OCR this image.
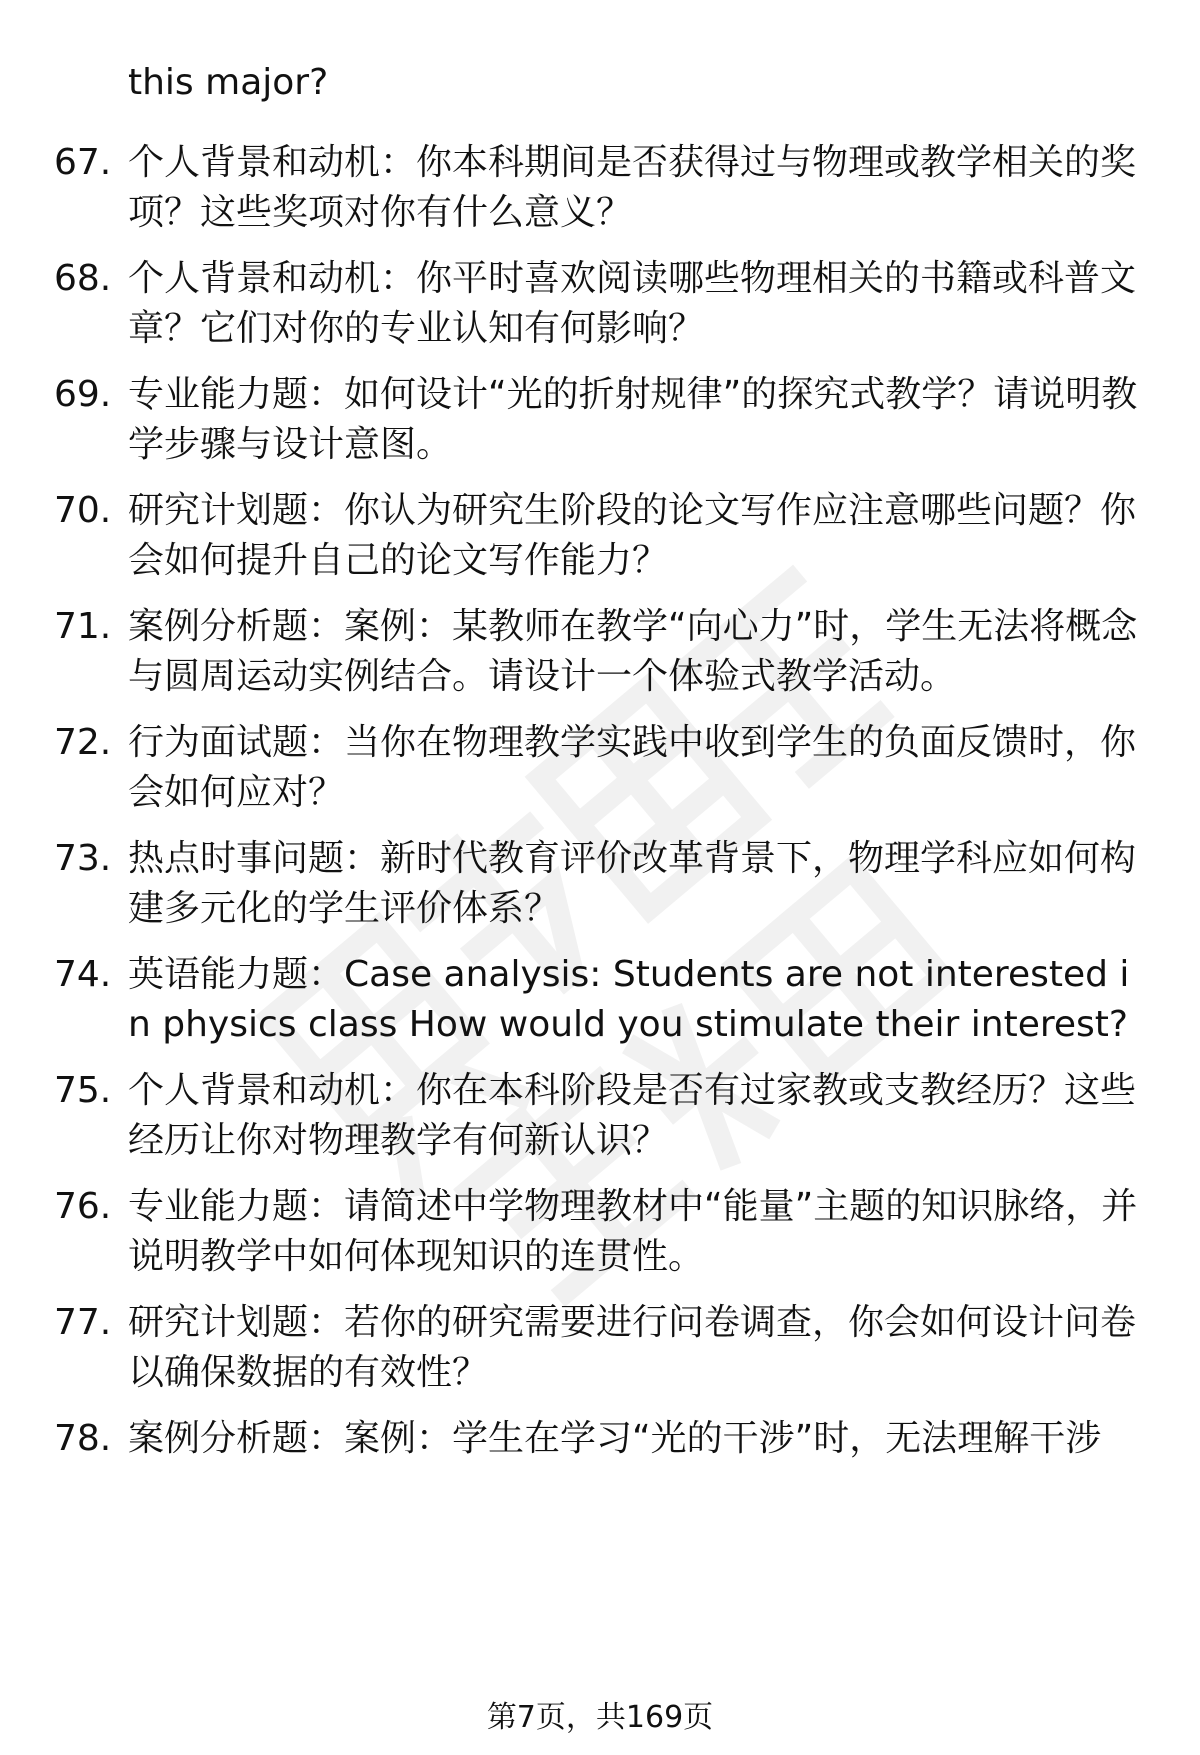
this major?
67. 个人背景和动机：你本科期间是否获得过与物理或教学相关的奖项？这些奖项对你有什么意义？
68. 个人背景和动机：你平时喜欢阅读哪些物理相关的书籍或科普文章？它们对你的专业认知有何影响？
69. 专业能力题：如何设计“光的折射规律”的探究式教学？请说明教学步骤与设计意图。
70. 研究计划题：你认为研究生阶段的论文写作应注意哪些问题？你会如何提升自己的论文写作能力？
71. 案例分析题：案例：某教师在教学“向心力”时，学生无法将概念与圆周运动实例结合。请设计一个体验式教学活动。
72. 行为面试题：当你在物理教学实践中收到学生的负面反馈时，你会如何应对？
73. 热点时事问题：新时代教育评价改革背景下，物理学科应如何构建多元化的学生评价体系？
74. 英语能力题：Case analysis: Students are not interested in physics class How would you stimulate their interest?
75. 个人背景和动机：你在本科阶段是否有过家教或支教经历？这些经历让你对物理教学有何新认识？
76. 专业能力题：请简述中学物理教材中“能量”主题的知识脉络，并说明教学中如何体现知识的连贯性。
77. 研究计划题：若你的研究需要进行问卷调查，你会如何设计问卷以确保数据的有效性？
78. 案例分析题：案例：学生在学习“光的干涉”时，无法理解干涉
第7页，共169页
